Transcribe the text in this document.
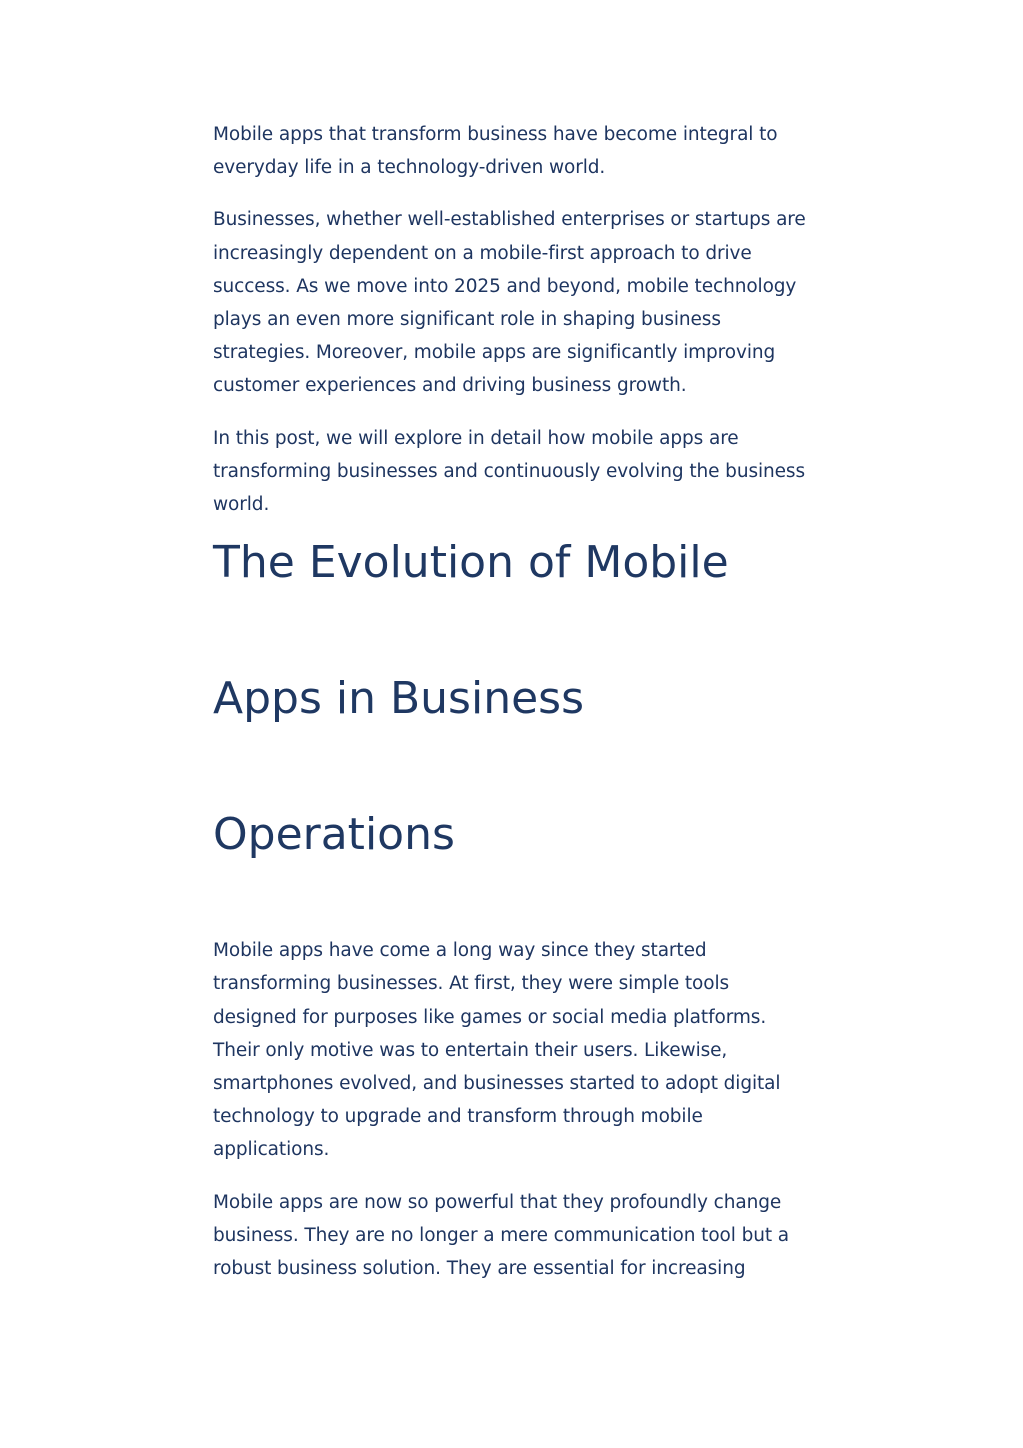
Mobile apps that transform business have become integral to everyday life in a technology-driven world.

Businesses, whether well-established enterprises or startups are increasingly dependent on a mobile-first approach to drive success. As we move into 2025 and beyond, mobile technology plays an even more significant role in shaping business strategies. Moreover, mobile apps are significantly improving customer experiences and driving business growth.

In this post, we will explore in detail how mobile apps are transforming businesses and continuously evolving the business world.

The Evolution of Mobile
Apps in Business
Operations

Mobile apps have come a long way since they started transforming businesses. At first, they were simple tools designed for purposes like games or social media platforms. Their only motive was to entertain their users. Likewise, smartphones evolved, and businesses started to adopt digital technology to upgrade and transform through mobile applications.

Mobile apps are now so powerful that they profoundly change business. They are no longer a mere communication tool but a robust business solution. They are essential for increasing
